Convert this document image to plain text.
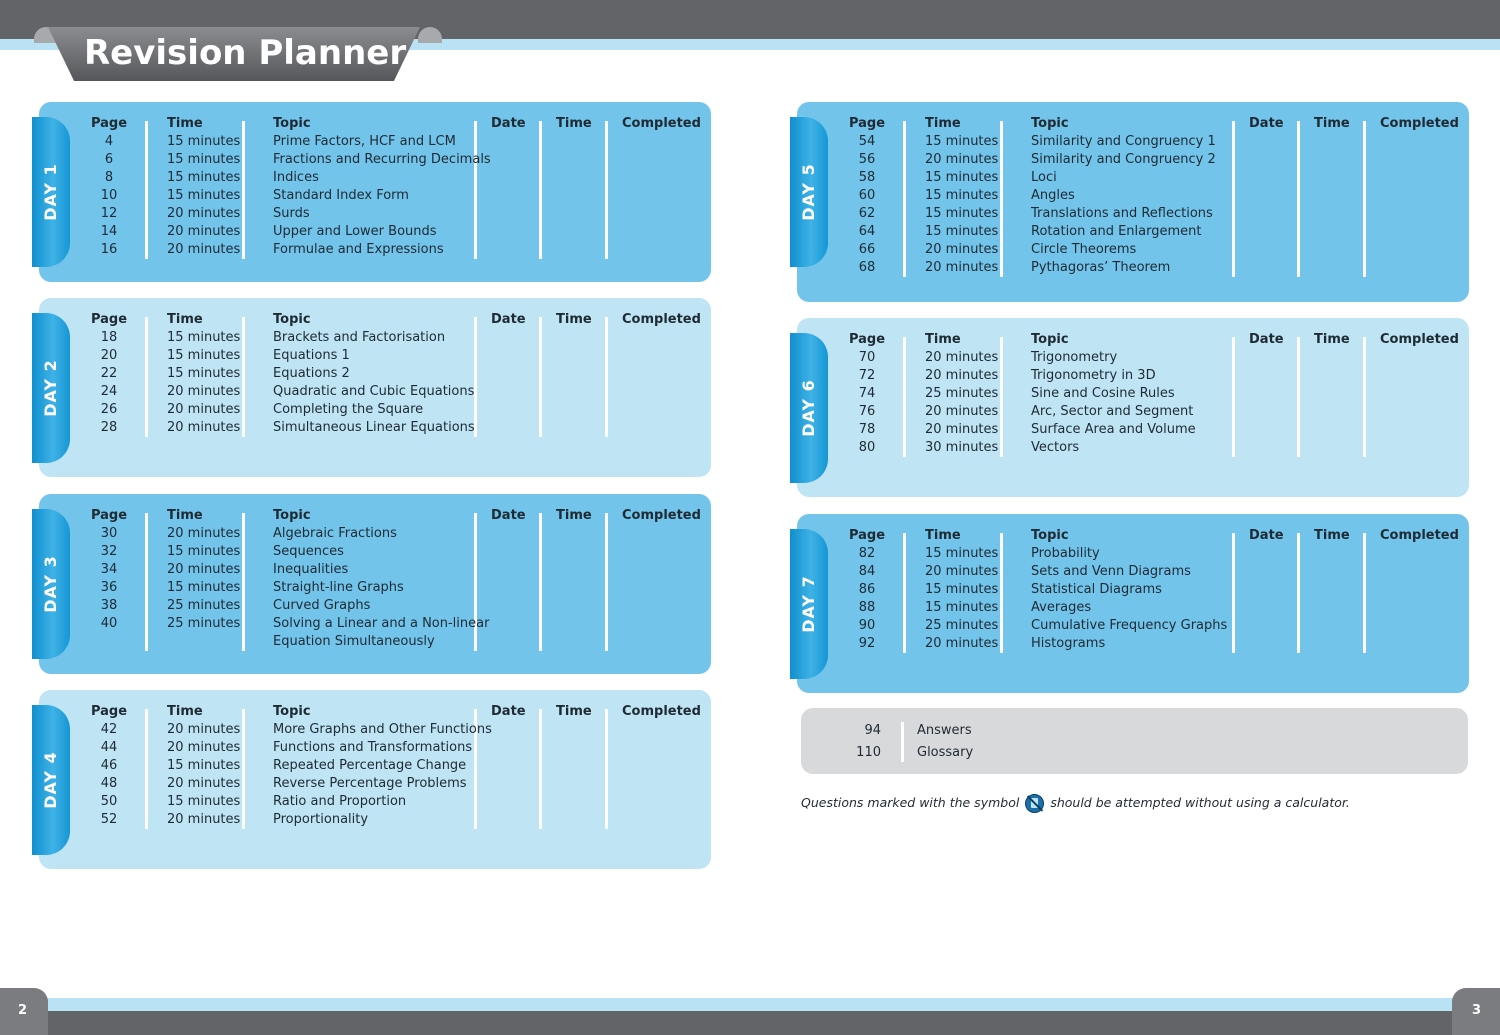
Revision Planner
Page	Time	Topic	Date Time Completed
4	15 minutes	Prime Factors, HCF and LCM
6	15 minutes	Fractions and Recurring Decimals
8	15 minutes	Indices
10	15 minutes	Standard Index Form
12	20 minutes	Surds
14	20 minutes	Upper and Lower Bounds
16	20 minutes	Formulae and Expressions
DAY 1
Page	Time	Topic	Date Time Completed
18	15 minutes	Brackets and Factorisation
20	15 minutes	Equations 1
22	15 minutes	Equations 2
24	20 minutes	Quadratic and Cubic Equations
26	20 minutes	Completing the Square
28	20 minutes	Simultaneous Linear Equations
DAY 2
Page	Time	Topic	Date Time Completed
30	20 minutes	Algebraic Fractions
32	15 minutes	Sequences
34	20 minutes	Inequalities
36	15 minutes	Straight-line Graphs
38	25 minutes	Curved Graphs
40	25 minutes	Solving a Linear and a Non-linear
Equation Simultaneously
DAY 3
Page	Time	Topic	Date Time Completed
42	20 minutes	More Graphs and Other Functions
44	20 minutes	Functions and Transformations
46	15 minutes	Repeated Percentage Change
48	20 minutes	Reverse Percentage Problems
50	15 minutes	Ratio and Proportion
52	20 minutes	Proportionality
DAY 4
Page	Time	Topic	Date Time Completed
54	15 minutes	Similarity and Congruency 1
56	20 minutes	Similarity and Congruency 2
58	15 minutes	Loci
60	15 minutes	Angles
62	15 minutes	Translations and Reflections
64	15 minutes	Rotation and Enlargement
66	20 minutes	Circle Theorems
68	20 minutes	Pythagoras’ Theorem
DAY 5
Page	Time	Topic	Date Time Completed
70	20 minutes	Trigonometry
72	20 minutes	Trigonometry in 3D
74	25 minutes	Sine and Cosine Rules
76	20 minutes	Arc, Sector and Segment
78	20 minutes	Surface Area and Volume
80	30 minutes	Vectors
DAY 6
Page	Time	Topic	Date Time Completed
82	15 minutes	Probability
84	20 minutes	Sets and Venn Diagrams
86	15 minutes	Statistical Diagrams
88	15 minutes	Averages
90	25 minutes	Cumulative Frequency Graphs
92	20 minutes	Histograms
DAY 7
94	Answers
110	Glossary
Questions marked with the symbol should be attempted without using a calculator.
2	3
